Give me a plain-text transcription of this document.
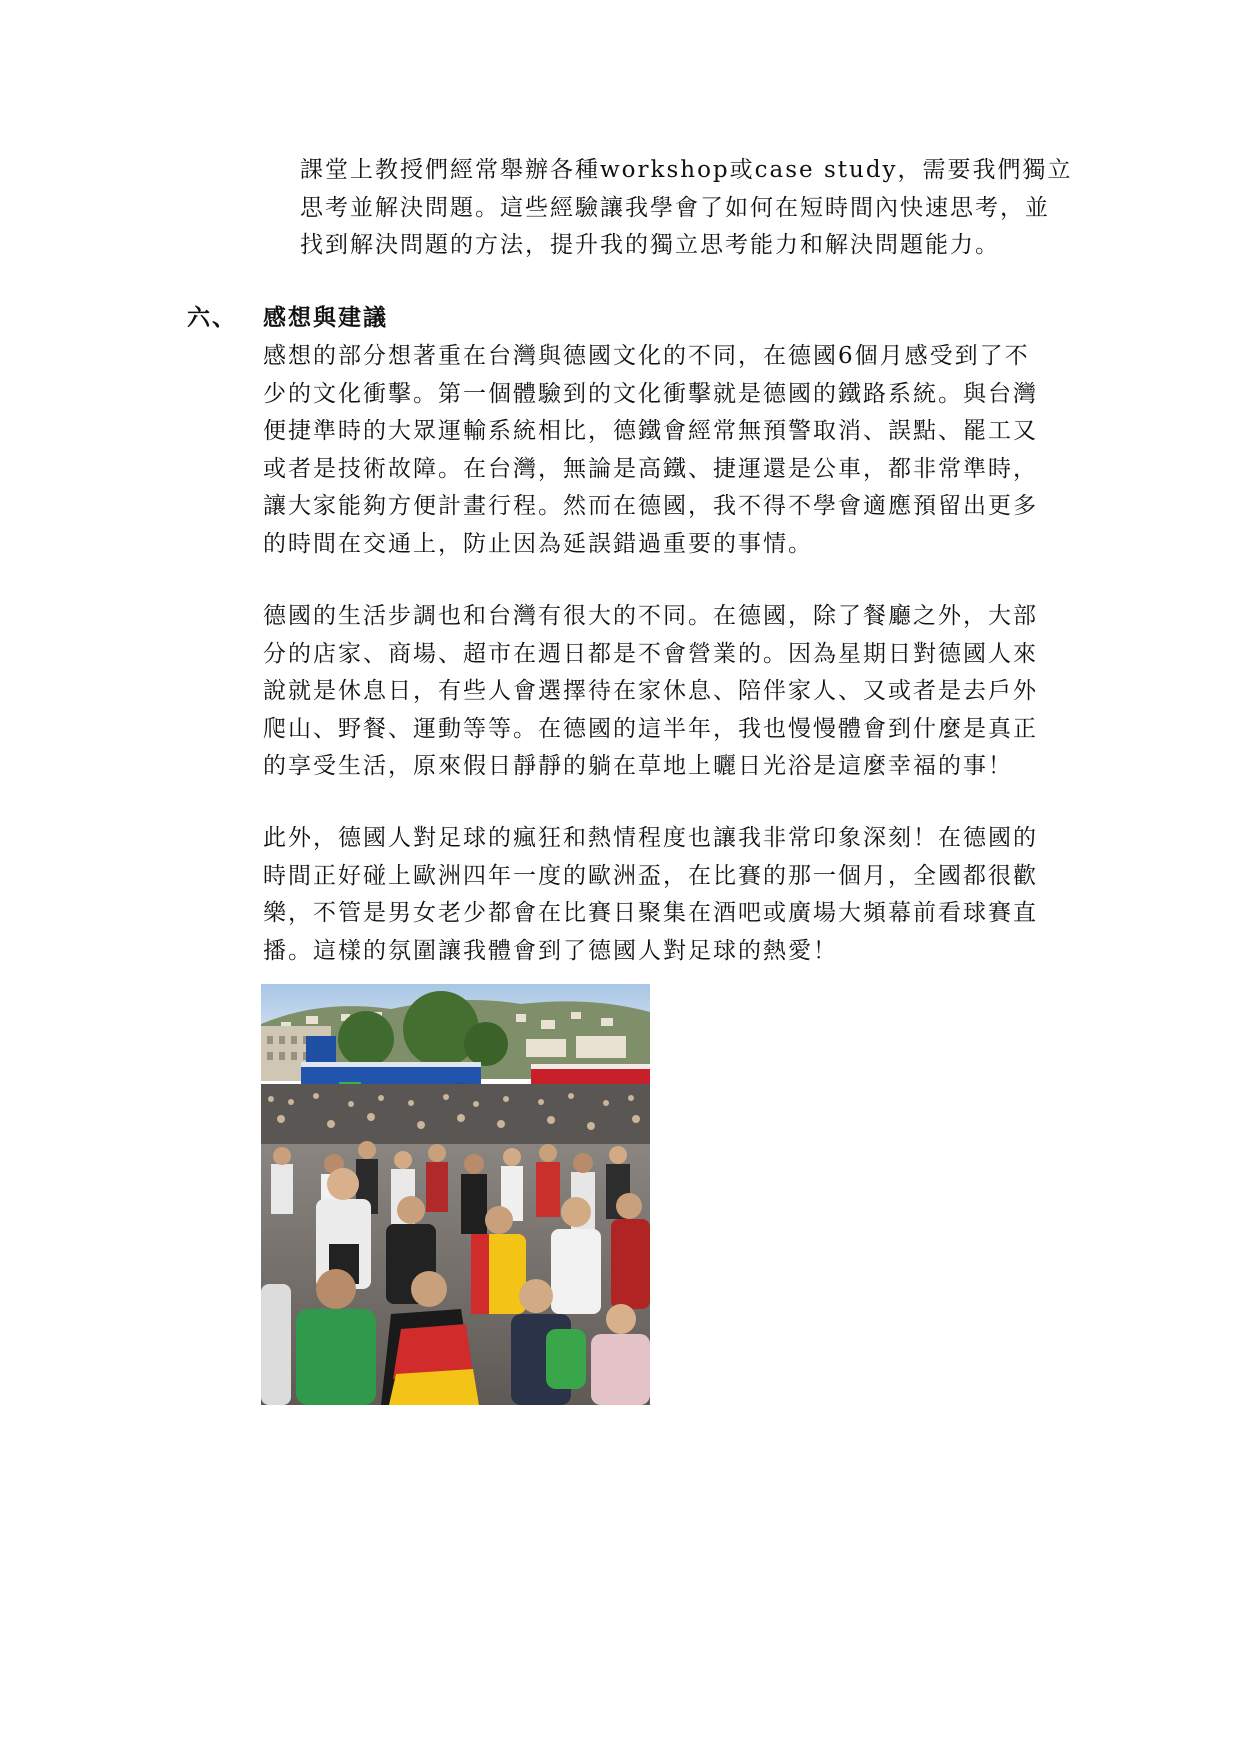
課堂上教授們經常舉辦各種workshop或case study，需要我們獨立
思考並解決問題。這些經驗讓我學會了如何在短時間內快速思考，並
找到解決問題的方法，提升我的獨立思考能力和解決問題能力。

六、 感想與建議

感想的部分想著重在台灣與德國文化的不同，在德國6個月感受到了不
少的文化衝擊。第一個體驗到的文化衝擊就是德國的鐵路系統。與台灣
便捷準時的大眾運輸系統相比，德鐵會經常無預警取消、誤點、罷工又
或者是技術故障。在台灣，無論是高鐵、捷運還是公車，都非常準時，
讓大家能夠方便計畫行程。然而在德國，我不得不學會適應預留出更多
的時間在交通上，防止因為延誤錯過重要的事情。

德國的生活步調也和台灣有很大的不同。在德國，除了餐廳之外，大部
分的店家、商場、超市在週日都是不會營業的。因為星期日對德國人來
說就是休息日，有些人會選擇待在家休息、陪伴家人、又或者是去戶外
爬山、野餐、運動等等。在德國的這半年，我也慢慢體會到什麼是真正
的享受生活，原來假日靜靜的躺在草地上曬日光浴是這麼幸福的事！

此外，德國人對足球的瘋狂和熱情程度也讓我非常印象深刻！在德國的
時間正好碰上歐洲四年一度的歐洲盃，在比賽的那一個月，全國都很歡
樂，不管是男女老少都會在比賽日聚集在酒吧或廣場大頻幕前看球賽直
播。這樣的氛圍讓我體會到了德國人對足球的熱愛！
